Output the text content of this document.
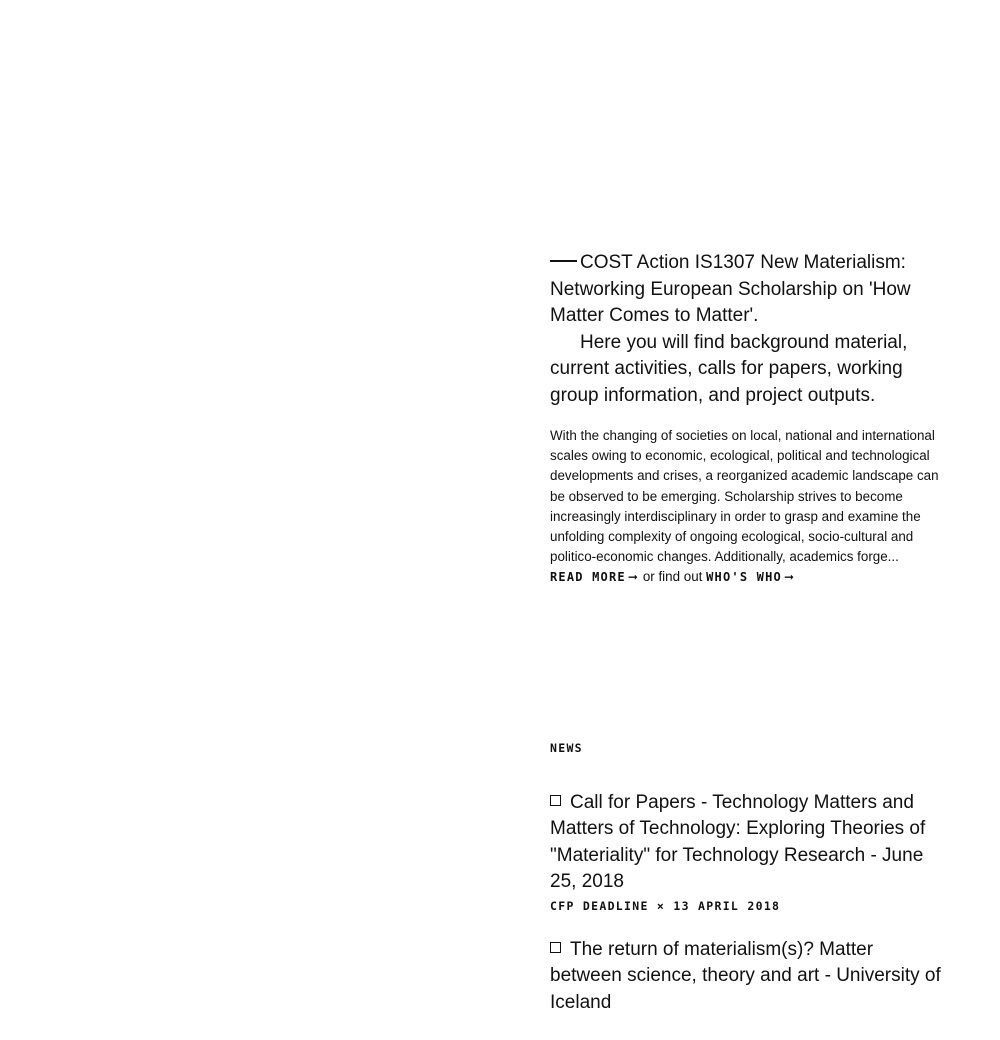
COST Action IS1307 New Materialism: Networking European Scholarship on 'How Matter Comes to Matter'.
Here you will find background material, current activities, calls for papers, working group information, and project outputs.

With the changing of societies on local, national and international scales owing to economic, ecological, political and technological developments and crises, a reorganized academic landscape can be observed to be emerging. Scholarship strives to become increasingly interdisciplinary in order to grasp and examine the unfolding complexity of ongoing ecological, socio-cultural and politico-economic changes. Additionally, academics forge... READ MORE ➞ or find out WHO'S WHO ➞
NEWS
Call for Papers - Technology Matters and Matters of Technology: Exploring Theories of "Materiality" for Technology Research - June 25, 2018
CFP DEADLINE × 13 APRIL 2018
The return of materialism(s)? Matter between science, theory and art - University of Iceland
